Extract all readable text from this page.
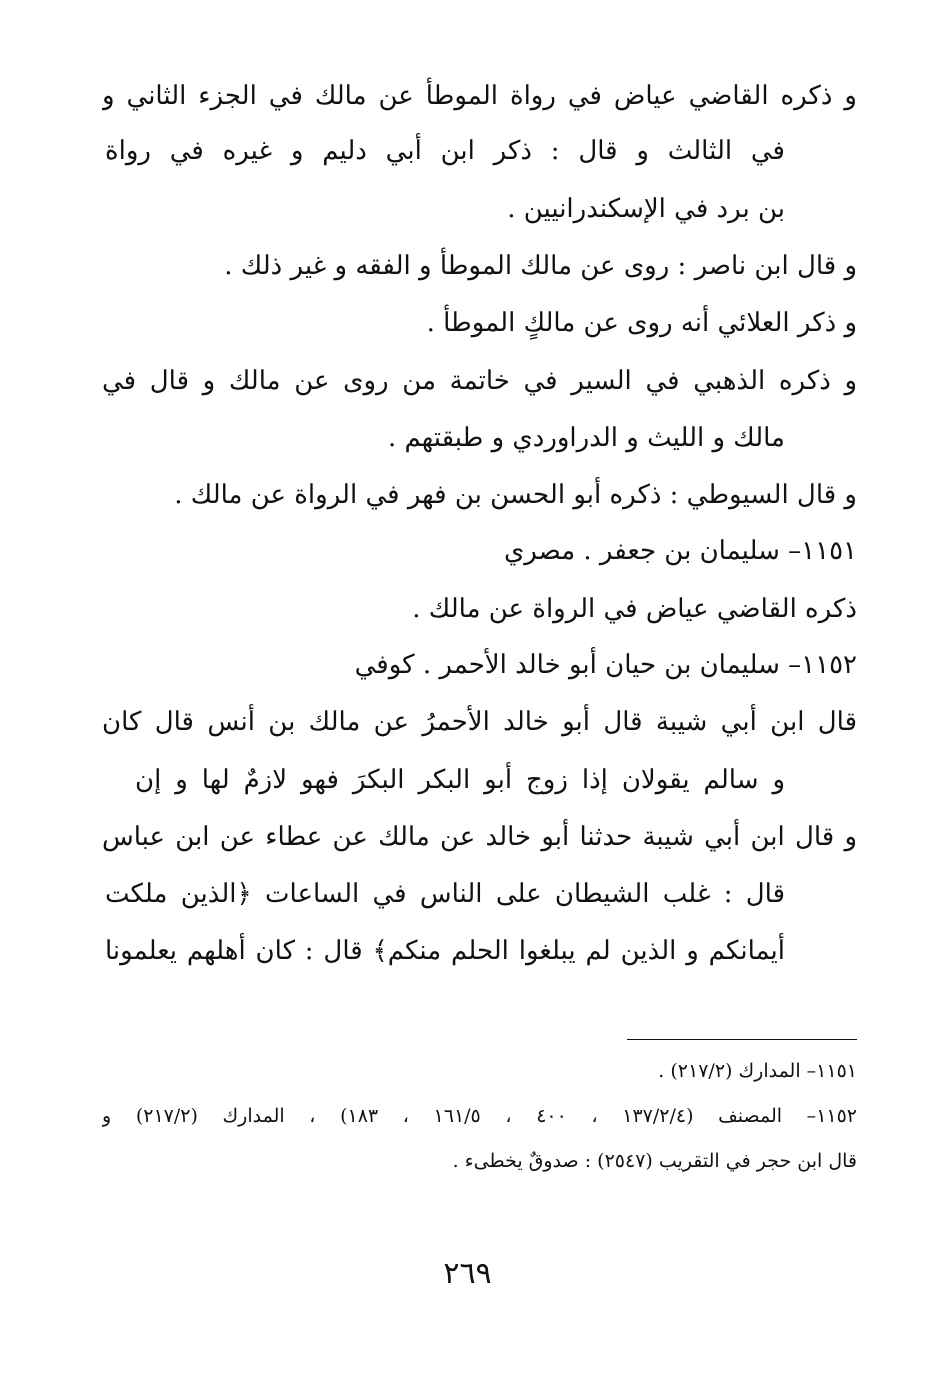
و ذكره القاضي عياض في رواة الموطأ عن مالك في الجزء الثاني و
في الثالث و قال : ذكر ابن أبي دليم و غيره في رواة
بن برد في الإسكندرانيين .
و قال ابن ناصر : روى عن مالك الموطأ و الفقه و غير ذلك .
و ذكر العلائي أنه روى عن مالكٍ الموطأ .
و ذكره الذهبي في السير في خاتمة من روى عن مالك و قال في
مالك و الليث و الدراوردي و طبقتهم .
و قال السيوطي : ذكره أبو الحسن بن فهر في الرواة عن مالك .
١١٥١– سليمان بن جعفر . مصري
ذكره القاضي عياض في الرواة عن مالك .
١١٥٢– سليمان بن حيان أبو خالد الأحمر . كوفي
قال ابن أبي شيبة قال أبو خالد الأحمرُ عن مالك بن أنس قال كان
و سالم يقولان إذا زوج أبو البكر البكرَ فهو لازمٌ لها و إن
و قال ابن أبي شيبة حدثنا أبو خالد عن مالك عن عطاء عن ابن عباس
قال : غلب الشيطان على الناس في الساعات ﴿الذين ملكت
أيمانكم و الذين لم يبلغوا الحلم منكم﴾ قال : كان أهلهم يعلمونا
١١٥١– المدارك (٢١٧/٢) .
١١٥٢– المصنف (١٣٧/٢/٤ ، ٤٠٠ ، ١٦١/٥ ، ١٨٣) ، المدارك (٢١٧/٢) و
قال ابن حجر في التقريب (٢٥٤٧) : صدوقٌ يخطىء .
٢٦٩
